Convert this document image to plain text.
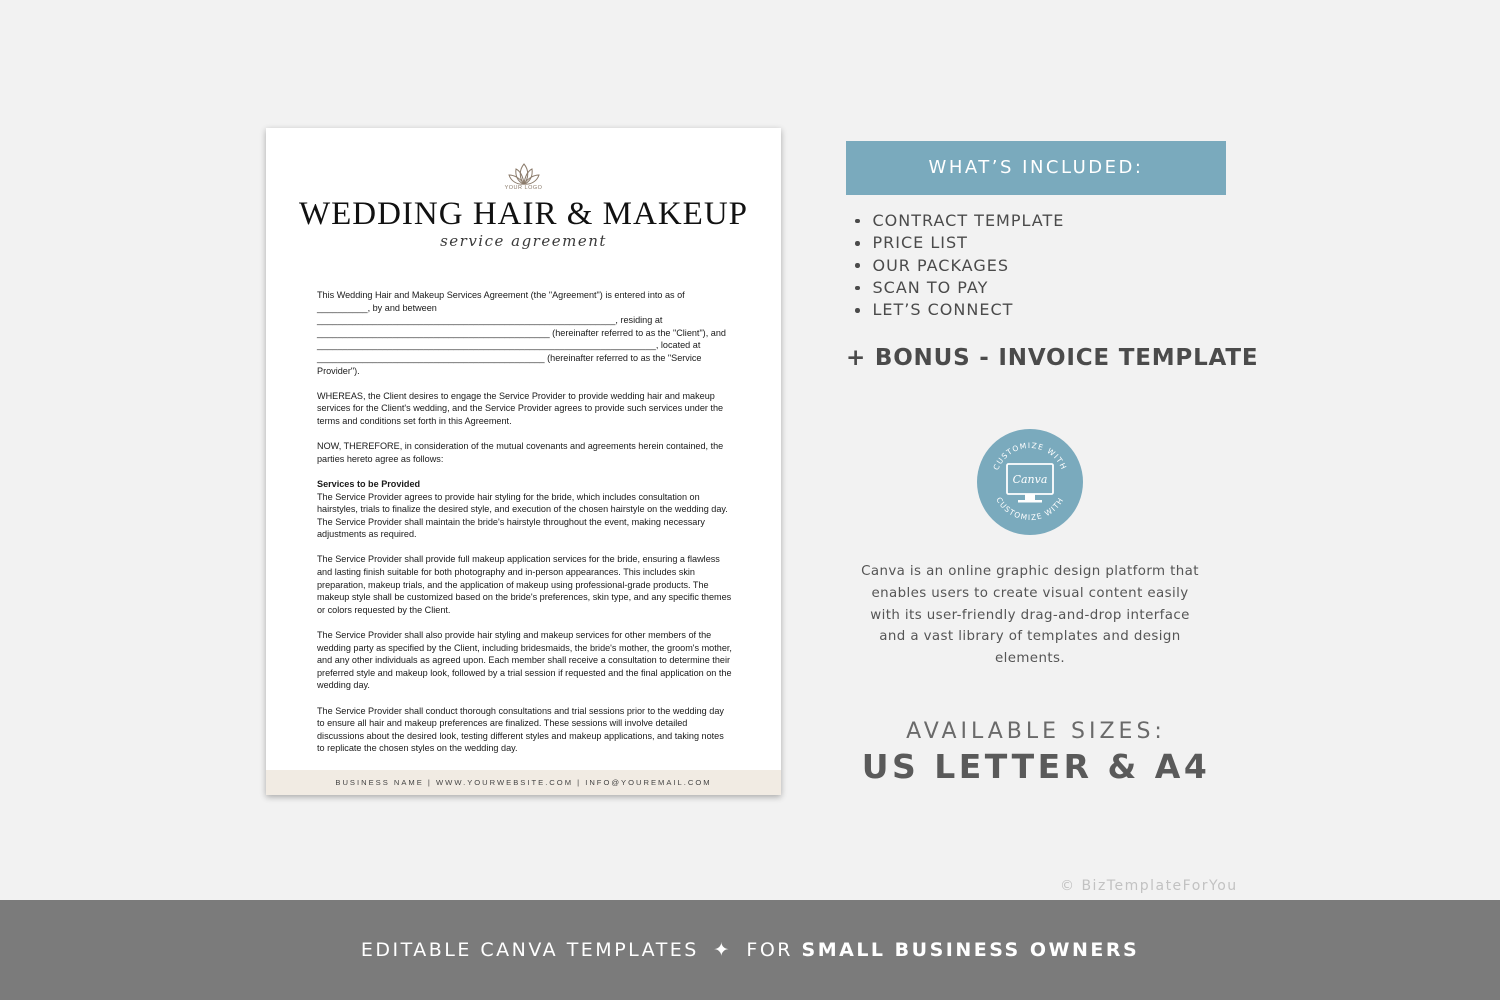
YOUR LOGO
WEDDING HAIR & MAKEUP
service agreement

This Wedding Hair and Makeup Services Agreement (the "Agreement") is entered into as of __________, by and between ___________________________________________________________, residing at ______________________________________________ (hereinafter referred to as the "Client"), and ___________________________________________________________________, located at _____________________________________________ (hereinafter referred to as the "Service Provider").

WHEREAS, the Client desires to engage the Service Provider to provide wedding hair and makeup services for the Client's wedding, and the Service Provider agrees to provide such services under the terms and conditions set forth in this Agreement.

NOW, THEREFORE, in consideration of the mutual covenants and agreements herein contained, the parties hereto agree as follows:

Services to be Provided

The Service Provider agrees to provide hair styling for the bride, which includes consultation on hairstyles, trials to finalize the desired style, and execution of the chosen hairstyle on the wedding day. The Service Provider shall maintain the bride's hairstyle throughout the event, making necessary adjustments as required.

The Service Provider shall provide full makeup application services for the bride, ensuring a flawless and lasting finish suitable for both photography and in-person appearances. This includes skin preparation, makeup trials, and the application of makeup using professional-grade products. The makeup style shall be customized based on the bride's preferences, skin type, and any specific themes or colors requested by the Client.

The Service Provider shall also provide hair styling and makeup services for other members of the wedding party as specified by the Client, including bridesmaids, the bride's mother, the groom's mother, and any other individuals as agreed upon. Each member shall receive a consultation to determine their preferred style and makeup look, followed by a trial session if requested and the final application on the wedding day.

The Service Provider shall conduct thorough consultations and trial sessions prior to the wedding day to ensure all hair and makeup preferences are finalized. These sessions will involve detailed discussions about the desired look, testing different styles and makeup applications, and taking notes to replicate the chosen styles on the wedding day.

BUSINESS NAME | WWW.YOURWEBSITE.COM | INFO@YOUREMAIL.COM
WHAT’S INCLUDED:
CONTRACT TEMPLATE
PRICE LIST
OUR PACKAGES
SCAN TO PAY
LET’S CONNECT
+ BONUS - INVOICE TEMPLATE
CUSTOMIZE WITH
CUSTOMIZE WITH
Canva
Canva is an online graphic design platform that enables users to create visual content easily with its user-friendly drag-and-drop interface and a vast library of templates and design elements.
AVAILABLE SIZES:
US LETTER & A4
© BizTemplateForYou
EDITABLE CANVA TEMPLATES ✦ FOR SMALL BUSINESS OWNERS
